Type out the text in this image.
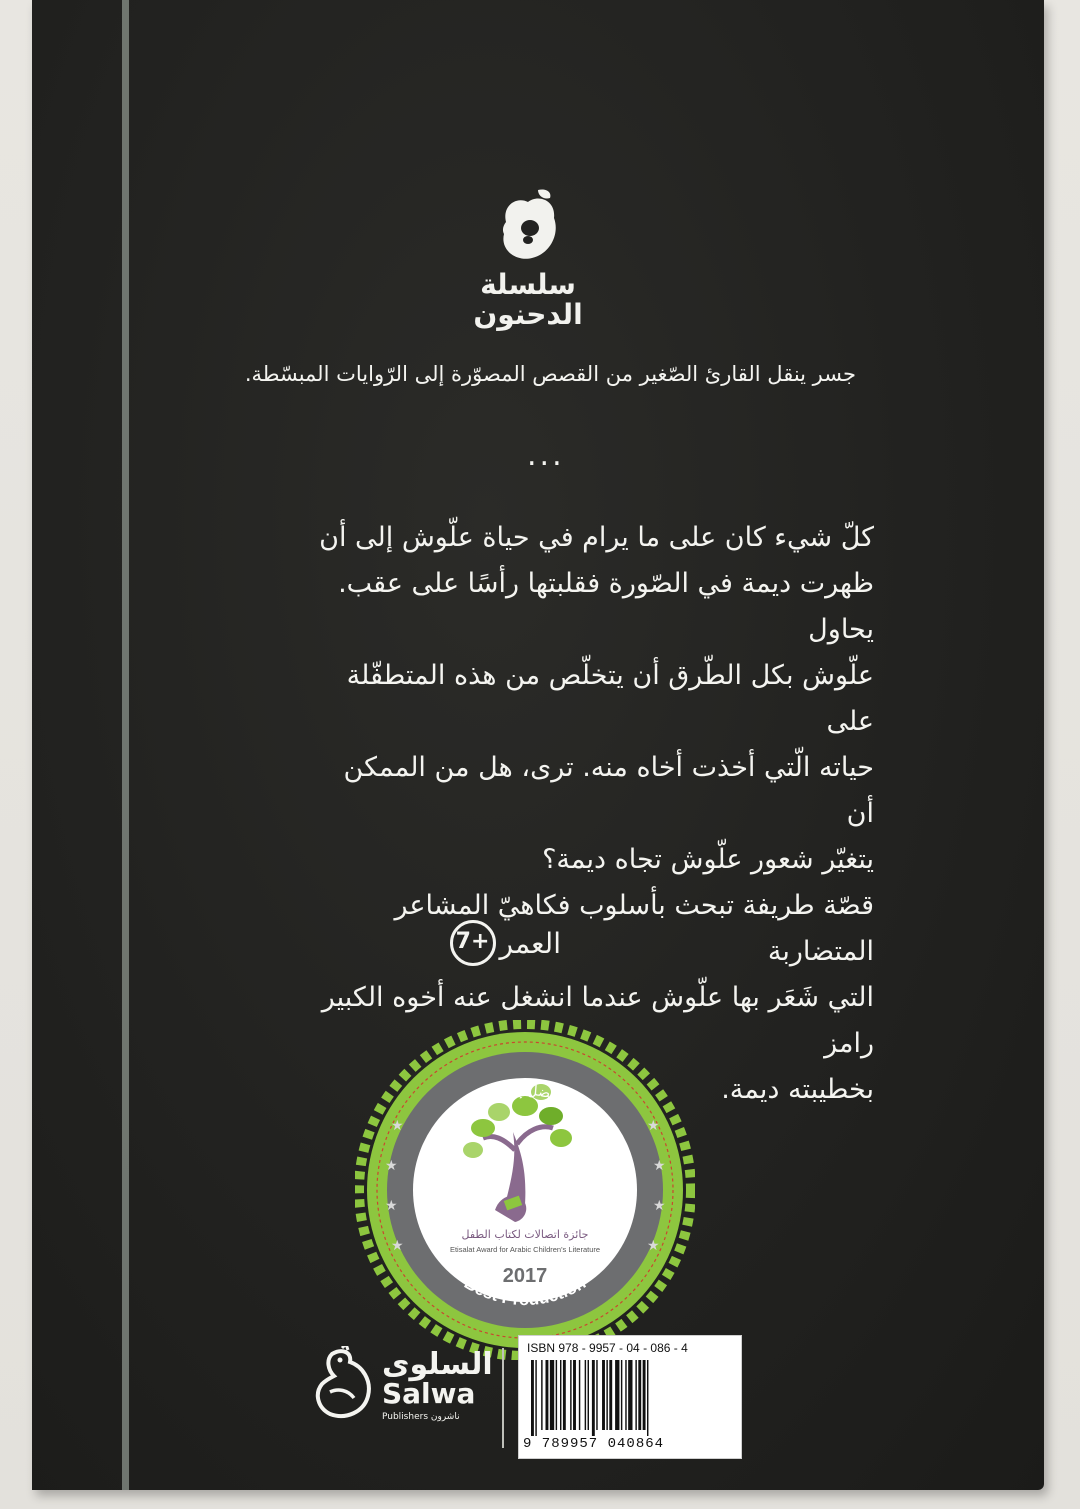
سلسلة
الدحنون
جسر ينقل القارئ الصّغير من القصص المصوّرة إلى الرّوايات المبسّطة.
...

كلّ شيء كان على ما يرام في حياة علّوش إلى أن

ظهرت ديمة في الصّورة فقلبتها رأسًا على عقب. يحاول

علّوش بكل الطّرق أن يتخلّص من هذه المتطفّلة على

حياته الّتي أخذت أخاه منه. ترى، هل من الممكن أن

يتغيّر شعور علّوش تجاه ديمة؟

قصّة طريفة تبحث بأسلوب فكاهيّ المشاعر المتضاربة

التي شَعَر بها علّوش عندما انشغل عنه أخوه الكبير رامز

بخطيبته ديمة.

العمر
7+
★
★
★
★
★
★
★
★
جائزة اتصالات لكتاب الطفل
Etisalat Award for Arabic Children's Literature
2017
أفضل إخراج
Best Production
السلوى
Salwa
Publishers ناشرون
ISBN 978 - 9957 - 04 - 086 - 4
9 789957 040864
